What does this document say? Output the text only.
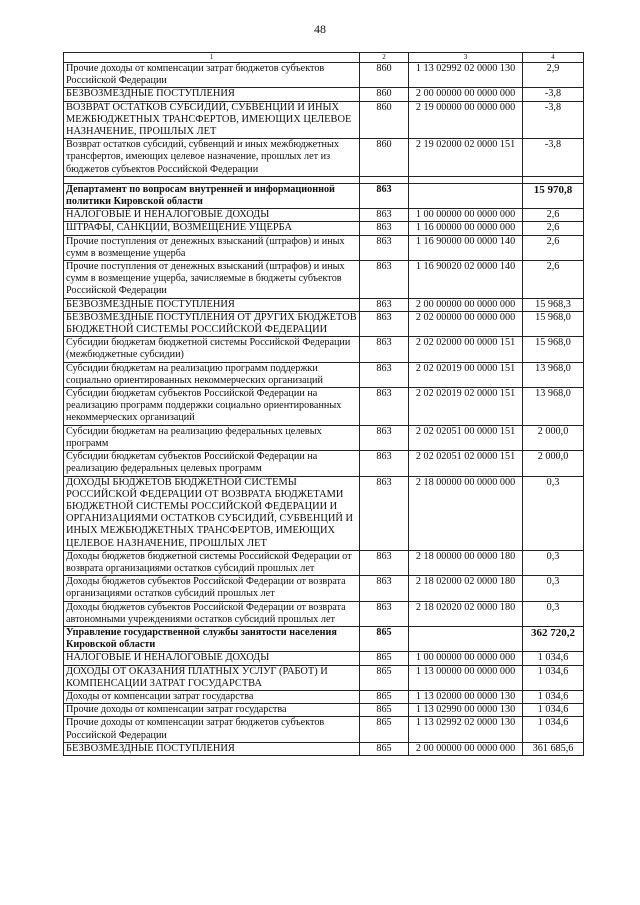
48
1	2	3	4
Прочие доходы от компенсации затрат бюджетов субъектов Российской Федерации	860	1 13 02992 02 0000 130	2,9
БЕЗВОЗМЕЗДНЫЕ ПОСТУПЛЕНИЯ	860	2 00 00000 00 0000 000	-3,8
ВОЗВРАТ ОСТАТКОВ СУБСИДИЙ, СУБВЕНЦИЙ И ИНЫХ МЕЖБЮДЖЕТНЫХ ТРАНСФЕРТОВ, ИМЕЮЩИХ ЦЕЛЕВОЕ НАЗНАЧЕНИЕ, ПРОШЛЫХ ЛЕТ	860	2 19 00000 00 0000 000	-3,8
Возврат остатков субсидий, субвенций и иных межбюджетных трансфертов, имеющих целевое назначение, прошлых лет из бюджетов субъектов Российской Федерации	860	2 19 02000 02 0000 151	-3,8

Департамент по вопросам внутренней и информационной политики Кировской области	863		15 970,8
НАЛОГОВЫЕ И НЕНАЛОГОВЫЕ ДОХОДЫ	863	1 00 00000 00 0000 000	2,6
ШТРАФЫ, САНКЦИИ, ВОЗМЕЩЕНИЕ УЩЕРБА	863	1 16 00000 00 0000 000	2,6
Прочие поступления от денежных взысканий (штрафов) и иных сумм в возмещение ущерба	863	1 16 90000 00 0000 140	2,6
Прочие поступления от денежных взысканий (штрафов) и иных сумм в возмещение ущерба, зачисляемые в бюджеты субъектов Российской Федерации	863	1 16 90020 02 0000 140	2,6
БЕЗВОЗМЕЗДНЫЕ ПОСТУПЛЕНИЯ	863	2 00 00000 00 0000 000	15 968,3
БЕЗВОЗМЕЗДНЫЕ ПОСТУПЛЕНИЯ ОТ ДРУГИХ БЮДЖЕТОВ БЮДЖЕТНОЙ СИСТЕМЫ РОССИЙСКОЙ ФЕДЕРАЦИИ	863	2 02 00000 00 0000 000	15 968,0
Субсидии бюджетам бюджетной системы Российской Федерации (межбюджетные субсидии)	863	2 02 02000 00 0000 151	15 968,0
Субсидии бюджетам на реализацию программ поддержки социально ориентированных некоммерческих организаций	863	2 02 02019 00 0000 151	13 968,0
Субсидии бюджетам субъектов Российской Федерации на реализацию программ поддержки социально ориентированных некоммерческих организаций	863	2 02 02019 02 0000 151	13 968,0
Субсидии бюджетам на реализацию федеральных целевых программ	863	2 02 02051 00 0000 151	2 000,0
Субсидии бюджетам субъектов Российской Федерации на реализацию федеральных целевых программ	863	2 02 02051 02 0000 151	2 000,0
ДОХОДЫ БЮДЖЕТОВ БЮДЖЕТНОЙ СИСТЕМЫ РОССИЙСКОЙ ФЕДЕРАЦИИ ОТ ВОЗВРАТА БЮДЖЕТАМИ БЮДЖЕТНОЙ СИСТЕМЫ РОССИЙСКОЙ ФЕДЕРАЦИИ И ОРГАНИЗАЦИЯМИ ОСТАТКОВ СУБСИДИЙ, СУБВЕНЦИЙ И ИНЫХ МЕЖБЮДЖЕТНЫХ ТРАНСФЕРТОВ, ИМЕЮЩИХ ЦЕЛЕВОЕ НАЗНАЧЕНИЕ, ПРОШЛЫХ ЛЕТ	863	2 18 00000 00 0000 000	0,3
Доходы бюджетов бюджетной системы Российской Федерации от возврата организациями остатков субсидий прошлых лет	863	2 18 00000 00 0000 180	0,3
Доходы бюджетов субъектов Российской Федерации от возврата организациями остатков субсидий прошлых лет	863	2 18 02000 02 0000 180	0,3
Доходы бюджетов субъектов Российской Федерации от возврата автономными учреждениями остатков субсидий прошлых лет	863	2 18 02020 02 0000 180	0,3
Управление государственной службы занятости населения Кировской области	865		362 720,2
НАЛОГОВЫЕ И НЕНАЛОГОВЫЕ ДОХОДЫ	865	1 00 00000 00 0000 000	1 034,6
ДОХОДЫ ОТ ОКАЗАНИЯ ПЛАТНЫХ УСЛУГ (РАБОТ) И КОМПЕНСАЦИИ ЗАТРАТ ГОСУДАРСТВА	865	1 13 00000 00 0000 000	1 034,6
Доходы от компенсации затрат государства	865	1 13 02000 00 0000 130	1 034,6
Прочие доходы от компенсации затрат государства	865	1 13 02990 00 0000 130	1 034,6
Прочие доходы от компенсации затрат бюджетов субъектов Российской Федерации	865	1 13 02992 02 0000 130	1 034,6
БЕЗВОЗМЕЗДНЫЕ ПОСТУПЛЕНИЯ	865	2 00 00000 00 0000 000	361 685,6
